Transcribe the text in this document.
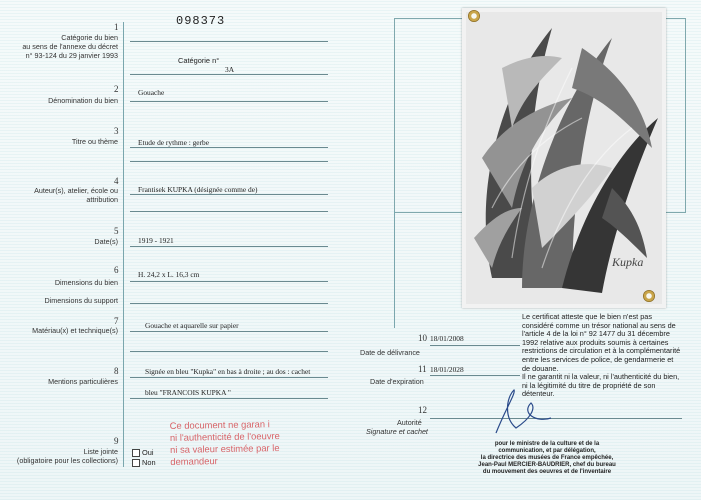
098373
1
Catégorie du bien
au sens de l'annexe du décret
n° 93-124 du 29 janvier 1993
Catégorie n°
3A
2
Dénomination du bien
Gouache
3
Titre ou thème	Etude de rythme : gerbe
4
Auteur(s), atelier, école ou
attribution
Frantisek KUPKA (désignée comme de)
5
Date(s)	1919 - 1921
6
Dimensions du bien
H. 24,2 x L. 16,3 cm
Dimensions du support
7
Matériau(x) et technique(s)
Gouache et aquarelle sur papier
8
Mentions particulières
Signée en bleu "Kupka" en bas à droite ; au dos : cachet
bleu "FRANCOIS KUPKA "
9
Liste jointe
(obligatoire pour les collections)
Oui
Non
Ce document ne garan i
ni l'authenticité de l'oeuvre
ni sa valeur estimée par le
demandeur
Kupka
Le certificat atteste que le bien n'est pas considéré comme un trésor national au sens de l'article 4 de la loi n° 92 1477 du 31 décembre 1992 relative aux produits soumis à certaines restrictions de circulation et à la complémentarité entre les services de police, de gendarmerie et de douane.
Il ne garantit ni la valeur, ni l'authenticité du bien, ni la légitimité du titre de propriété de son détenteur.
10
Date de délivrance
18/01/2008
11
Date d'expiration
18/01/2028
12
Autorité
Signature et cachet
pour le ministre de la culture et de la
communication, et par délégation,
la directrice des musées de France empêchée,
Jean-Paul MERCIER-BAUDRIER, chef du bureau
du mouvement des oeuvres et de l'inventaire
